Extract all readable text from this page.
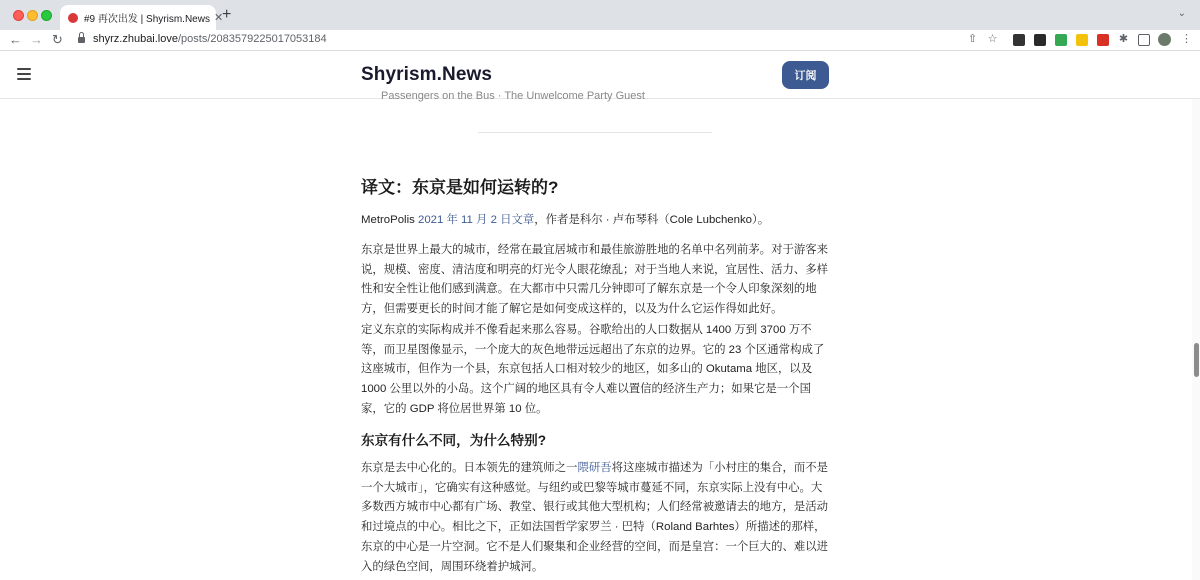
#9 再次出发 | Shyrism.News ✕
+	⌄
← → ↻	shyrz.zhubai.love/posts/2083579225017053184	⇧ ☆	✱	⋮
Shyrism.News	订阅
Passengers on the Bus · The Unwelcome Party Guest
译文：东京是如何运转的?

MetroPolis 2021 年 11 月 2 日文章，作者是科尔 · 卢布琴科（Cole Lubchenko）。

东京是世界上最大的城市，经常在最宜居城市和最佳旅游胜地的名单中名列前茅。对于游客来说，规模、密度、清洁度和明亮的灯光令人眼花缭乱；对于当地人来说，宜居性、活力、多样性和安全性让他们感到满意。在大都市中只需几分钟即可了解东京是一个令人印象深刻的地方，但需要更长的时间才能了解它是如何变成这样的，以及为什么它运作得如此好。

定义东京的实际构成并不像看起来那么容易。谷歌给出的人口数据从 1400 万到 3700 万不等，而卫星图像显示，一个庞大的灰色地带远远超出了东京的边界。它的 23 个区通常构成了这座城市，但作为一个县，东京包括人口相对较少的地区，如多山的 Okutama 地区，以及 1000 公里以外的小岛。这个广阔的地区具有令人难以置信的经济生产力；如果它是一个国家，它的 GDP 将位居世界第 10 位。

东京有什么不同，为什么特别?

东京是去中心化的。日本领先的建筑师之一隈研吾将这座城市描述为「小村庄的集合，而不是一个大城市」，它确实有这种感觉。与纽约或巴黎等城市蔓延不同，东京实际上没有中心。大多数西方城市中心都有广场、教堂、银行或其他大型机构；人们经常被邀请去的地方，是活动和过境点的中心。相比之下，正如法国哲学家罗兰 · 巴特（Roland Barhtes）所描述的那样，东京的中心是一片空洞。它不是人们聚集和企业经营的空间，而是皇宫：一个巨大的、难以进入的绿色空间，周围环绕着护城河。
